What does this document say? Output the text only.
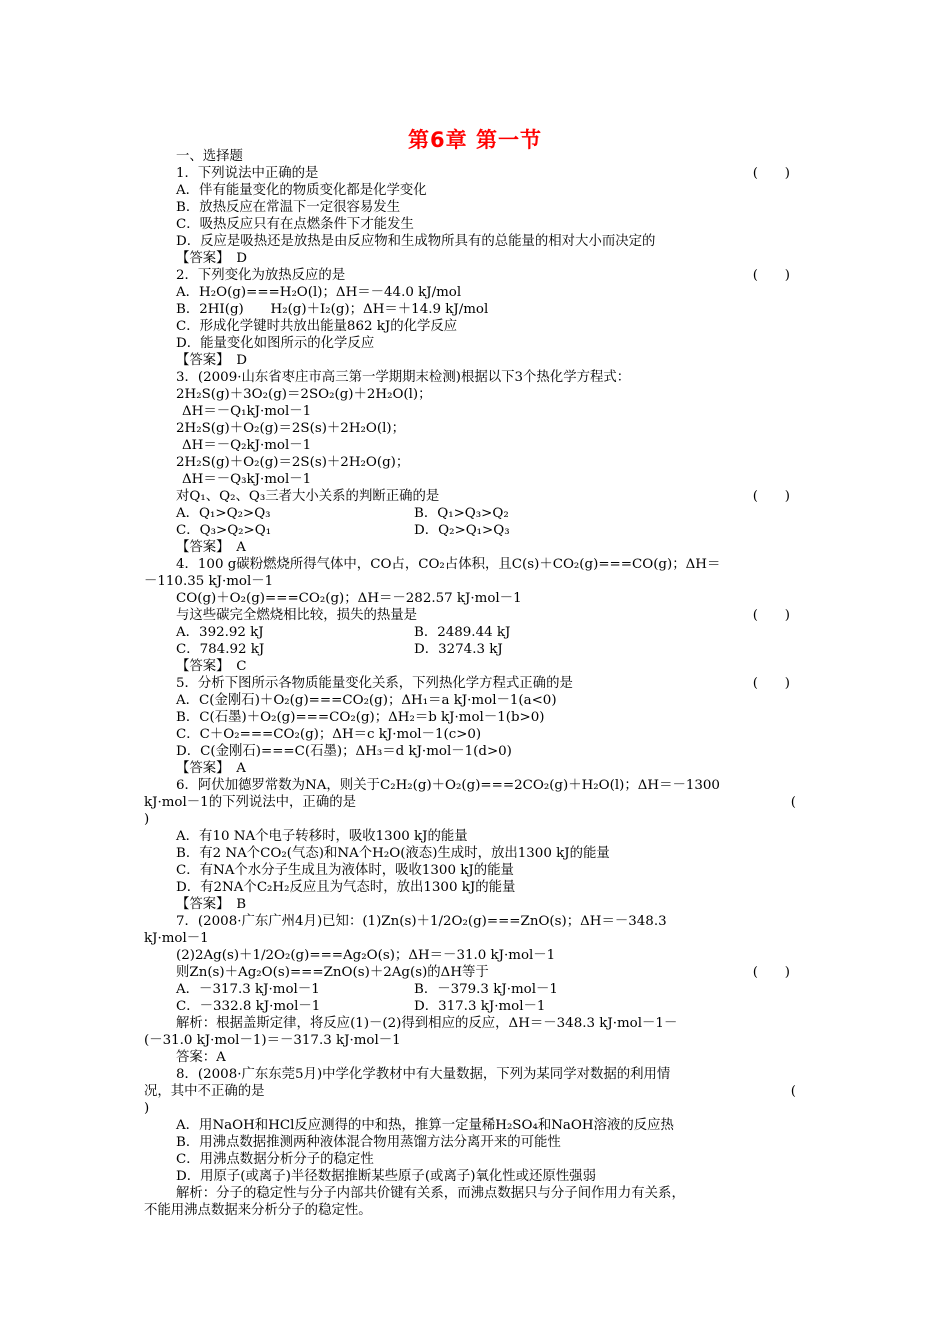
第6章 第一节
一、选择题
1．下列说法中正确的是	(　　)
A．伴有能量变化的物质变化都是化学变化
B．放热反应在常温下一定很容易发生
C．吸热反应只有在点燃条件下才能发生
D．反应是吸热还是放热是由反应物和生成物所具有的总能量的相对大小而决定的
【答案】　D
2．下列变化为放热反应的是	(　　)
A．H₂O(g)===H₂O(l)；ΔH＝－44.0 kJ/mol
B．2HI(g)　　H₂(g)＋I₂(g)；ΔH＝＋14.9 kJ/mol
C．形成化学键时共放出能量862 kJ的化学反应
D．能量变化如图所示的化学反应
【答案】　D
3．(2009·山东省枣庄市高三第一学期期末检测)根据以下3个热化学方程式：
2H₂S(g)＋3O₂(g)＝2SO₂(g)＋2H₂O(l)；
ΔH＝－Q₁kJ·mol－1
2H₂S(g)＋O₂(g)＝2S(s)＋2H₂O(l)；
ΔH＝－Q₂kJ·mol－1
2H₂S(g)＋O₂(g)＝2S(s)＋2H₂O(g)；
ΔH＝－Q₃kJ·mol－1
对Q₁、Q₂、Q₃三者大小关系的判断正确的是	(　　)
A．Q₁>Q₂>Q₃	B．Q₁>Q₃>Q₂
C．Q₃>Q₂>Q₁	D．Q₂>Q₁>Q₃
【答案】　A
4．100 g碳粉燃烧所得气体中，CO占，CO₂占体积，且C(s)＋CO₂(g)===CO(g)；ΔH＝
－110.35 kJ·mol－1
CO(g)＋O₂(g)===CO₂(g)；ΔH＝－282.57 kJ·mol－1
与这些碳完全燃烧相比较，损失的热量是	(　　)
A．392.92 kJ	B．2489.44 kJ
C．784.92 kJ	D．3274.3 kJ
【答案】　C
5．分析下图所示各物质能量变化关系，下列热化学方程式正确的是	(　　)
A．C(金刚石)＋O₂(g)===CO₂(g)；ΔH₁＝a kJ·mol－1(a<0)
B．C(石墨)＋O₂(g)===CO₂(g)；ΔH₂＝b kJ·mol－1(b>0)
C．C＋O₂===CO₂(g)；ΔH＝c kJ·mol－1(c>0)
D．C(金刚石)===C(石墨)；ΔH₃＝d kJ·mol－1(d>0)
【答案】　A
6．阿伏加德罗常数为NA，则关于C₂H₂(g)＋O₂(g)===2CO₂(g)＋H₂O(l)；ΔH＝－1300
kJ·mol－1的下列说法中，正确的是	(
)
A．有10 NA个电子转移时，吸收1300 kJ的能量
B．有2 NA个CO₂(气态)和NA个H₂O(液态)生成时，放出1300 kJ的能量
C．有NA个水分子生成且为液体时，吸收1300 kJ的能量
D．有2NA个C₂H₂反应且为气态时，放出1300 kJ的能量
【答案】　B
7．(2008·广东广州4月)已知：(1)Zn(s)＋1/2O₂(g)===ZnO(s)；ΔH＝－348.3
kJ·mol－1
(2)2Ag(s)＋1/2O₂(g)===Ag₂O(s)；ΔH＝－31.0 kJ·mol－1
则Zn(s)＋Ag₂O(s)===ZnO(s)＋2Ag(s)的ΔH等于	(　　)
A．－317.3 kJ·mol－1	B．－379.3 kJ·mol－1
C．－332.8 kJ·mol－1	D．317.3 kJ·mol－1
解析：根据盖斯定律，将反应(1)－(2)得到相应的反应，ΔH＝－348.3 kJ·mol－1－
(－31.0 kJ·mol－1)＝－317.3 kJ·mol－1
答案：A
8．(2008·广东东莞5月)中学化学教材中有大量数据，下列为某同学对数据的利用情
况，其中不正确的是	(
)
A．用NaOH和HCl反应测得的中和热，推算一定量稀H₂SO₄和NaOH溶液的反应热
B．用沸点数据推测两种液体混合物用蒸馏方法分离开来的可能性
C．用沸点数据分析分子的稳定性
D．用原子(或离子)半径数据推断某些原子(或离子)氧化性或还原性强弱
解析：分子的稳定性与分子内部共价键有关系，而沸点数据只与分子间作用力有关系，
不能用沸点数据来分析分子的稳定性。
